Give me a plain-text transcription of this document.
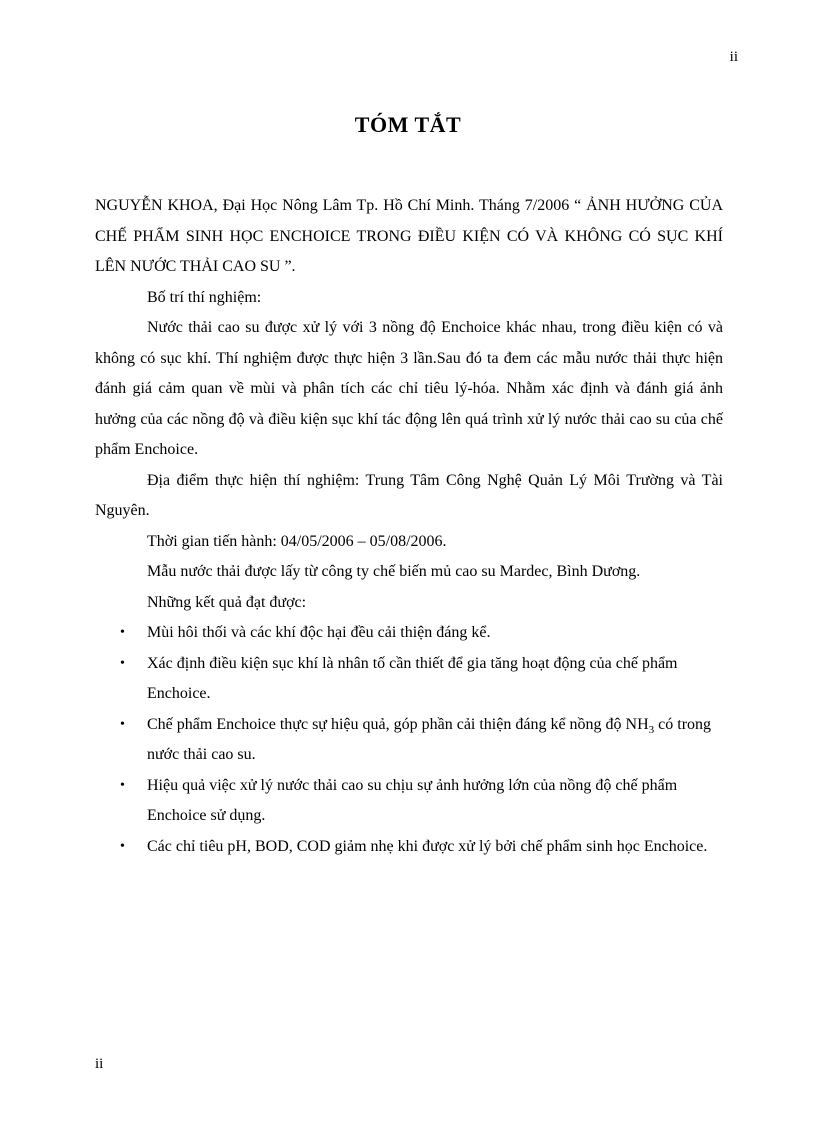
ii
TÓM TẮT

NGUYỄN KHOA, Đại Học Nông Lâm Tp. Hồ Chí Minh. Tháng 7/2006 “ ẢNH HƯỞNG CỦA CHẾ PHẨM SINH HỌC ENCHOICE TRONG ĐIỀU KIỆN CÓ VÀ KHÔNG CÓ SỤC KHÍ LÊN NƯỚC THẢI CAO SU ”.

Bố trí thí nghiệm:

Nước thải cao su được xử lý với 3 nồng độ Enchoice khác nhau, trong điều kiện có và không có sục khí. Thí nghiệm được thực hiện 3 lần.Sau đó ta đem các mẫu nước thải thực hiện đánh giá cảm quan về mùi và phân tích các chỉ tiêu lý-hóa. Nhằm xác định và đánh giá ảnh hưởng của các nồng độ và điều kiện sục khí tác động lên quá trình xử lý nước thải cao su của chế phẩm Enchoice.

Địa điểm thực hiện thí nghiệm: Trung Tâm Công Nghệ Quản Lý Môi Trường và Tài Nguyên.

Thời gian tiến hành: 04/05/2006 – 05/08/2006.

Mẫu nước thải được lấy từ công ty chế biến mủ cao su Mardec, Bình Dương.

Những kết quả đạt được:

• Mùi hôi thối và các khí độc hại đều cải thiện đáng kể.
• Xác định điều kiện sục khí là nhân tố cần thiết để gia tăng hoạt động của chế phẩm Enchoice.
• Chế phẩm Enchoice thực sự hiệu quả, góp phần cải thiện đáng kể nồng độ $NH_3$ có trong nước thải cao su.
• Hiệu quả việc xử lý nước thải cao su chịu sự ảnh hưởng lớn của nồng độ chế phẩm Enchoice sử dụng.
• Các chỉ tiêu pH, BOD, COD giảm nhẹ khi được xử lý bởi chế phẩm sinh học Enchoice.
ii
